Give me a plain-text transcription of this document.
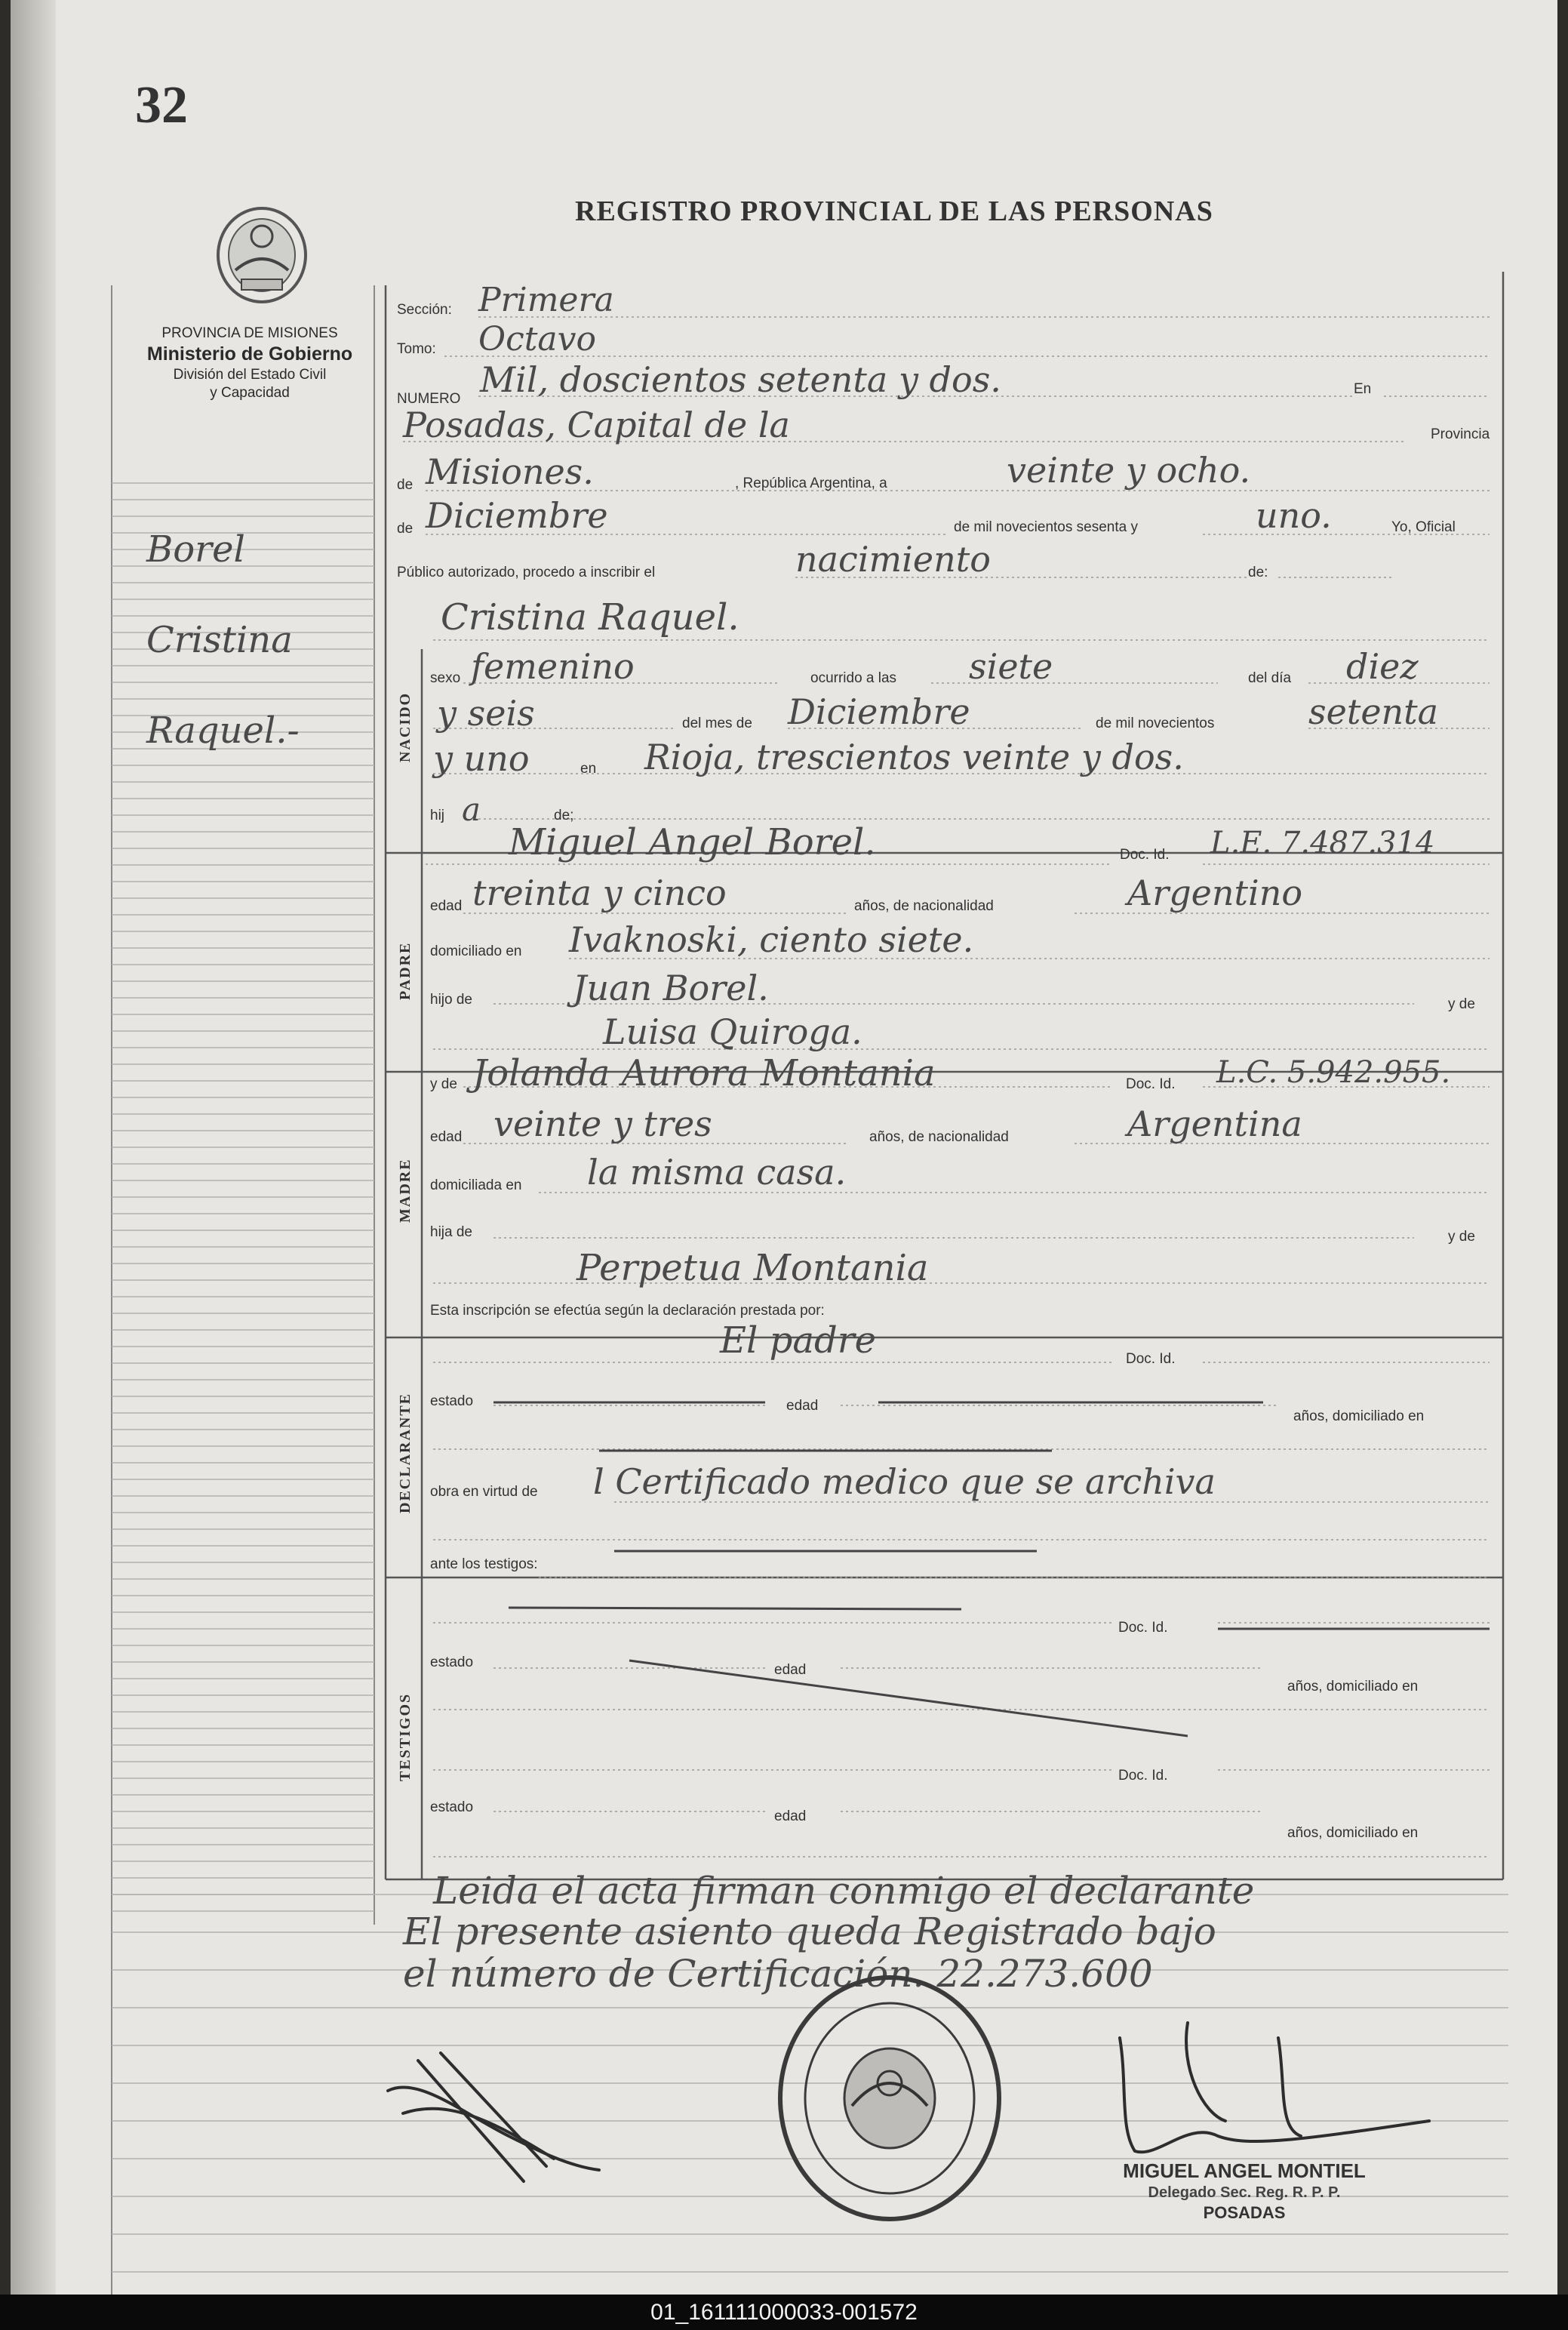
32
PROVINCIA DE MISIONES
Ministerio de Gobierno
División del Estado Civil
y Capacidad
REGISTRO PROVINCIAL DE LAS PERSONAS
Borel
Cristina
Raquel.-	NACIDO
PADRE
MADRE
DECLARANTE
TESTIGOS
Sección: Primera
Tomo: Octavo
NUMERO Mil, doscientos setenta y dos.	En
Posadas, Capital de la	Provincia
de Misiones.	, República Argentina, a	veinte y ocho.
de Diciembre	de mil novecientos sesenta y	uno.	Yo, Oficial
Público autorizado, procedo a inscribir el	nacimiento	de:
Cristina Raquel.
sexo femenino	ocurrido a las siete	del día diez
y seis	del mes de Diciembre	de mil novecientos	setenta
y uno	en Rioja, trescientos veinte y dos.
hij a	de;
Miguel Angel Borel.	Doc. Id. L.E. 7.487.314
edad treinta y cinco	años, de nacionalidad	Argentino
domiciliado en Ivaknoski, ciento siete.
hijo de	Juan Borel.	y de
Luisa Quiroga.
y de Jolanda Aurora Montania	Doc. Id. L.C. 5.942.955.
edad veinte y tres	años, de nacionalidad	Argentina
domiciliada en la misma casa.
hija de	y de
Perpetua Montania
Esta inscripción se efectúa según la declaración prestada por:
El padre	Doc. Id.
estado	edad
años, domiciliado en
obra en virtud de l Certificado medico que se archiva
ante los testigos:
Doc. Id.
estado	edad
años, domiciliado en
Doc. Id.
estado
edad
años, domiciliado en
Leida el acta firman conmigo el declarante
El presente asiento queda Registrado bajo
el número de Certificación. 22.273.600
MIGUEL ANGEL MONTIEL
Delegado Sec. Reg. R. P. P.
POSADAS
01_161111000033-001572
